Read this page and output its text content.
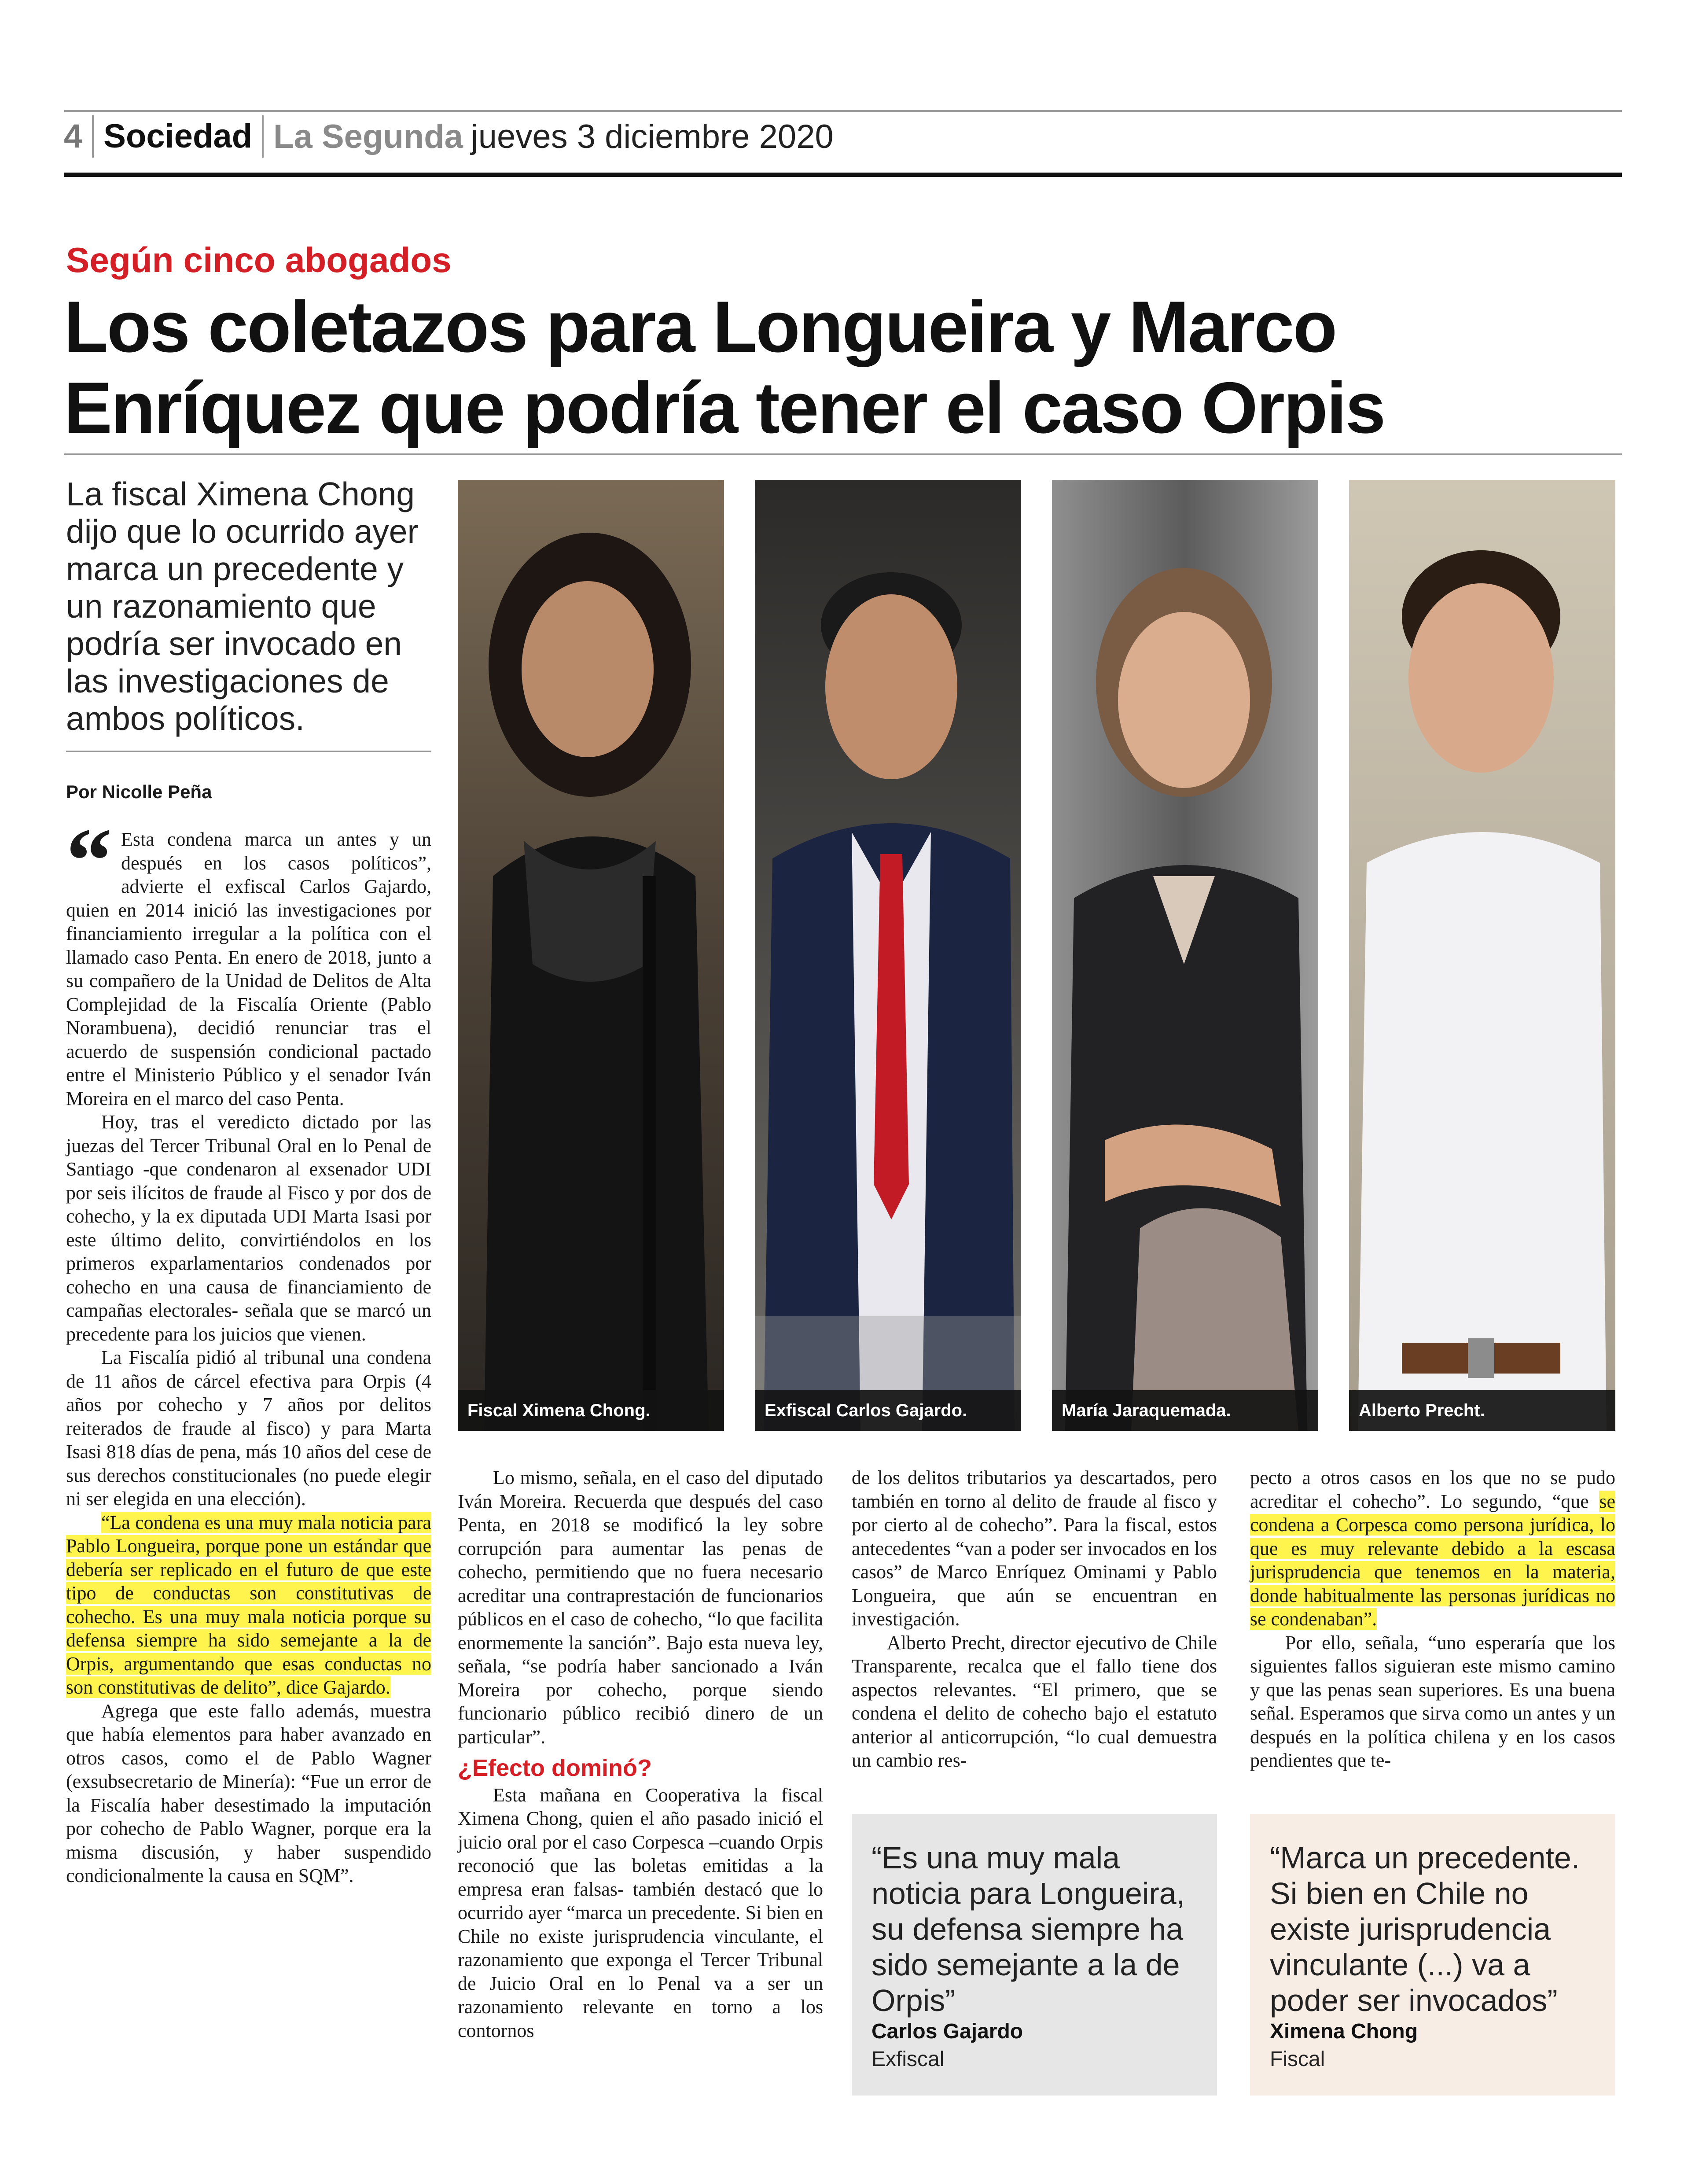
4 Sociedad La Segunda jueves 3 diciembre 2020
Según cinco abogados
Los coletazos para Longueira y Marco Enríquez que podría tener el caso Orpis
La fiscal Ximena Chong dijo que lo ocurrido ayer marca un precedente y un razonamiento que podría ser invocado en las investigaciones de ambos políticos.
Por Nicolle Peña

“ Esta condena marca un antes y un después en los casos políticos”, advierte el exfiscal Carlos Gajardo, quien en 2014 inició las investigaciones por financiamiento irregular a la política con el llamado caso Penta. En enero de 2018, junto a su compañero de la Unidad de Delitos de Alta Complejidad de la Fiscalía Oriente (Pablo Norambuena), decidió renunciar tras el acuerdo de suspensión condicional pactado entre el Ministerio Público y el senador Iván Moreira en el marco del caso Penta.

Hoy, tras el veredicto dictado por las juezas del Tercer Tribunal Oral en lo Penal de Santiago -que condenaron al exsenador UDI por seis ilícitos de fraude al Fisco y por dos de cohecho, y la ex diputada UDI Marta Isasi por este último delito, convirtiéndolos en los primeros exparlamentarios condenados por cohecho en una causa de financiamiento de campañas electorales- señala que se marcó un precedente para los juicios que vienen.

La Fiscalía pidió al tribunal una condena de 11 años de cárcel efectiva para Orpis (4 años por cohecho y 7 años por delitos reiterados de fraude al fisco) y para Marta Isasi 818 días de pena, más 10 años del cese de sus derechos constitucionales (no puede elegir ni ser elegida en una elección).

“La condena es una muy mala noticia para Pablo Longueira, porque pone un estándar que debería ser replicado en el futuro de que este tipo de conductas son constitutivas de cohecho. Es una muy mala noticia porque su defensa siempre ha sido semejante a la de Orpis, argumentando que esas conductas no son constitutivas de delito”, dice Gajardo.

Agrega que este fallo además, muestra que había elementos para haber avanzado en otros casos, como el de Pablo Wagner (exsubsecretario de Minería): “Fue un error de la Fiscalía haber desestimado la imputación por cohecho de Pablo Wagner, porque era la misma discusión, y haber suspendido condicionalmente la causa en SQM”.

Fiscal Ximena Chong.	Exfiscal Carlos Gajardo.	María Jaraquemada.	Alberto Precht.

Lo mismo, señala, en el caso del diputado Iván Moreira. Recuerda que después del caso Penta, en 2018 se modificó la ley sobre corrupción para aumentar las penas de cohecho, permitiendo que no fuera necesario acreditar una contraprestación de funcionarios públicos en el caso de cohecho, “lo que facilita enormemente la sanción”. Bajo esta nueva ley, señala, “se podría haber sancionado a Iván Moreira por cohecho, porque siendo funcionario público recibió dinero de un particular”.

¿Efecto dominó?

Esta mañana en Cooperativa la fiscal Ximena Chong, quien el año pasado inició el juicio oral por el caso Corpesca –cuando Orpis reconoció que las boletas emitidas a la empresa eran falsas- también destacó que lo ocurrido ayer “marca un precedente. Si bien en Chile no existe jurisprudencia vinculante, el razonamiento que exponga el Tercer Tribunal de Juicio Oral en lo Penal va a ser un razonamiento relevante en torno a los contornos

de los delitos tributarios ya descartados, pero también en torno al delito de fraude al fisco y por cierto al de cohecho”. Para la fiscal, estos antecedentes “van a poder ser invocados en los casos” de Marco Enríquez Ominami y Pablo Longueira, que aún se encuentran en investigación.

Alberto Precht, director ejecutivo de Chile Transparente, recalca que el fallo tiene dos aspectos relevantes. “El primero, que se condena el delito de cohecho bajo el estatuto anterior al anticorrupción, “lo cual demuestra un cambio res-

pecto a otros casos en los que no se pudo acreditar el cohecho”. Lo segundo, “que se condena a Corpesca como persona jurídica, lo que es muy relevante debido a la escasa jurisprudencia que tenemos en la materia, donde habitualmente las personas jurídicas no se condenaban”.

Por ello, señala, “uno esperaría que los siguientes fallos siguieran este mismo camino y que las penas sean superiores. Es una buena señal. Esperamos que sirva como un antes y un después en la política chilena y en los casos pendientes que te-

“Es una muy mala noticia para Longueira, su defensa siempre ha sido semejante a la de Orpis”
Carlos Gajardo
Exfiscal
“Marca un precedente. Si bien en Chile no existe jurisprudencia vinculante (...) va a poder ser invocados”
Ximena Chong
Fiscal
